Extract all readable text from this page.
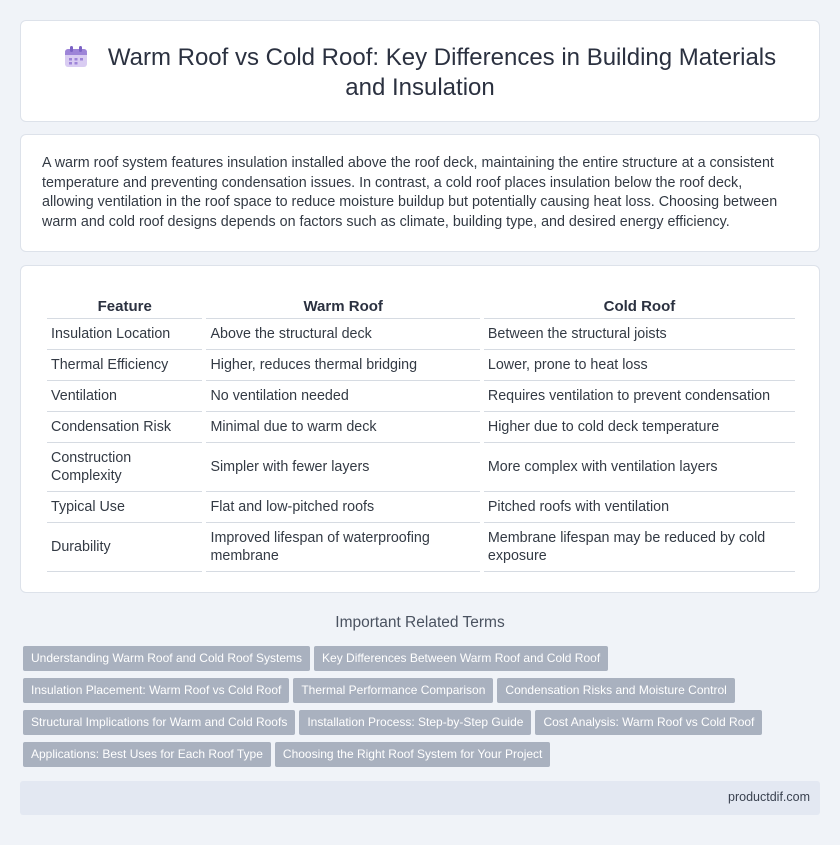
Warm Roof vs Cold Roof: Key Differences in Building Materials and Insulation

A warm roof system features insulation installed above the roof deck, maintaining the entire structure at a consistent temperature and preventing condensation issues. In contrast, a cold roof places insulation below the roof deck, allowing ventilation in the roof space to reduce moisture buildup but potentially causing heat loss. Choosing between warm and cold roof designs depends on factors such as climate, building type, and desired energy efficiency.

Feature	Warm Roof	Cold Roof
Insulation Location	Above the structural deck	Between the structural joists
Thermal Efficiency	Higher, reduces thermal bridging	Lower, prone to heat loss
Ventilation	No ventilation needed	Requires ventilation to prevent condensation
Condensation Risk	Minimal due to warm deck	Higher due to cold deck temperature
Construction Complexity	Simpler with fewer layers	More complex with ventilation layers
Typical Use	Flat and low-pitched roofs	Pitched roofs with ventilation
Durability	Improved lifespan of waterproofing membrane	Membrane lifespan may be reduced by cold exposure
Important Related Terms
Understanding Warm Roof and Cold Roof Systems Key Differences Between Warm Roof and Cold Roof
Insulation Placement: Warm Roof vs Cold Roof Thermal Performance Comparison Condensation Risks and Moisture Control
Structural Implications for Warm and Cold Roofs Installation Process: Step-by-Step Guide Cost Analysis: Warm Roof vs Cold Roof
Applications: Best Uses for Each Roof Type Choosing the Right Roof System for Your Project
productdif.com
